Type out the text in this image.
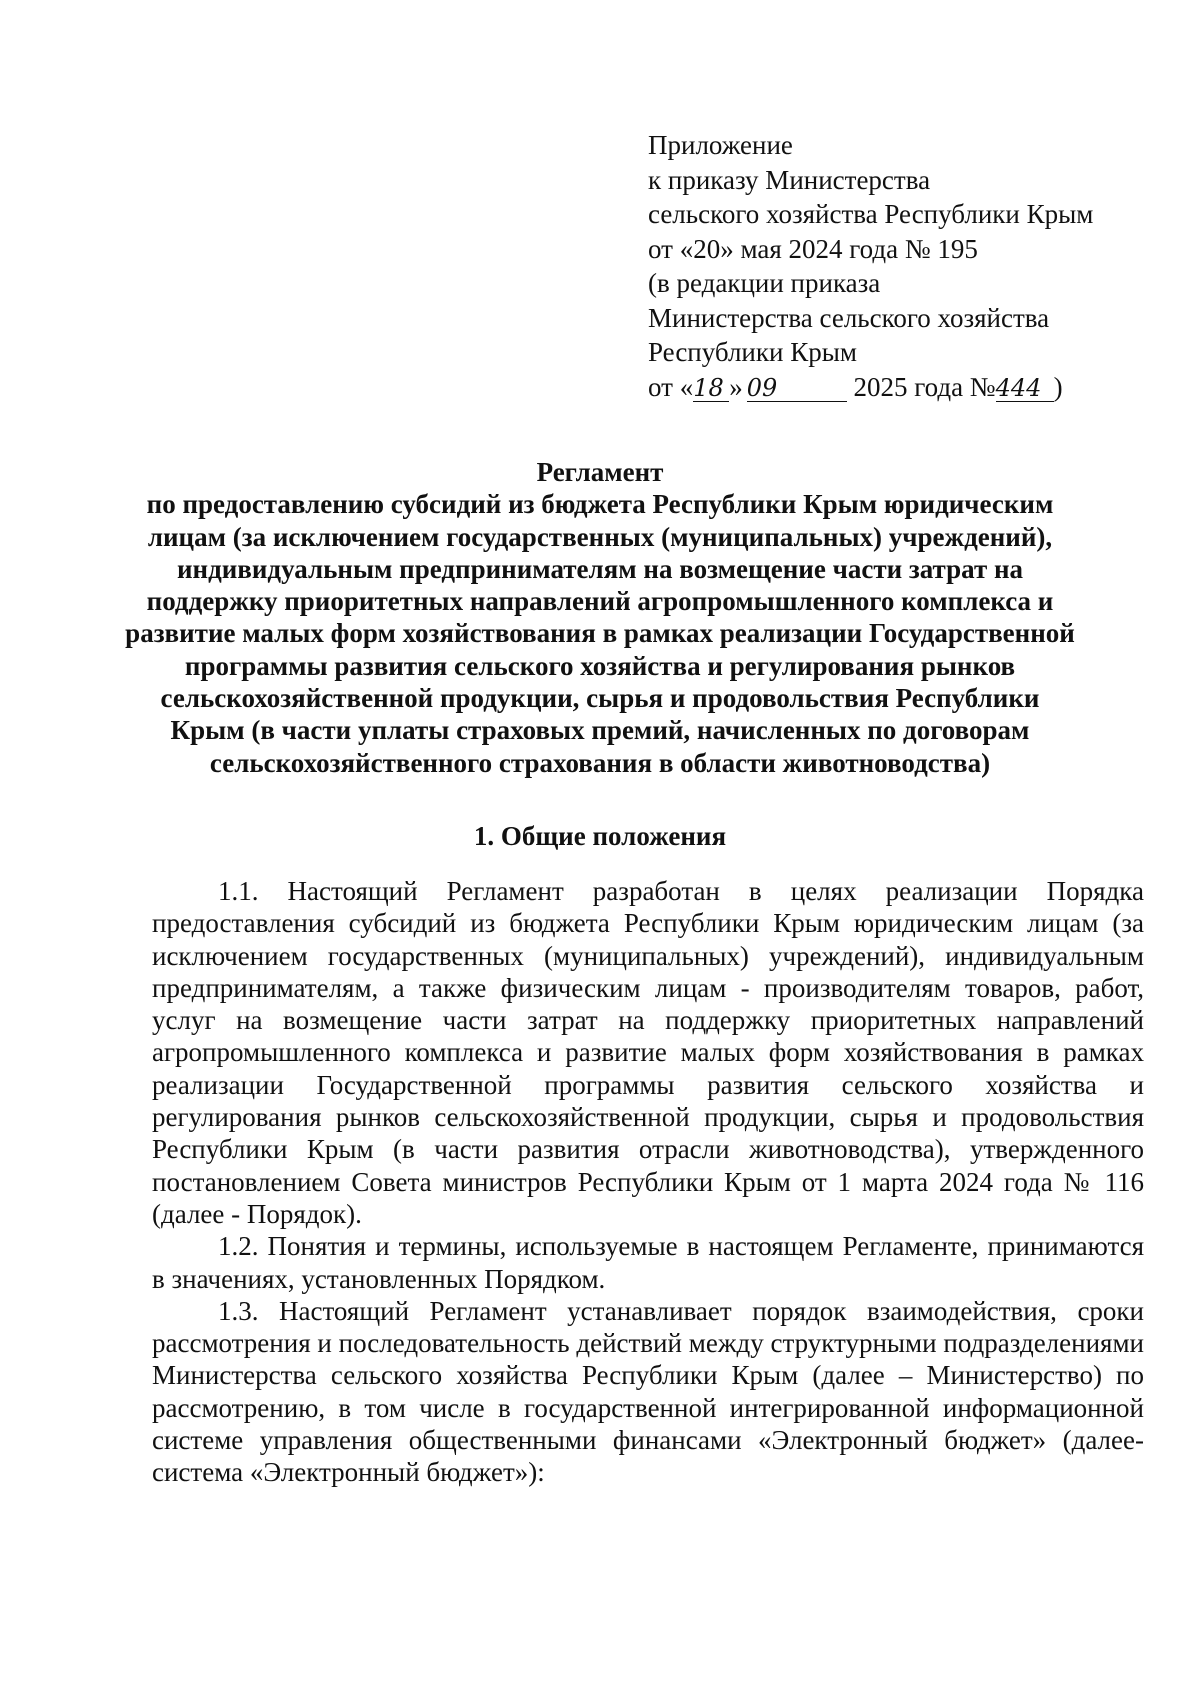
Приложение
к приказу Министерства
сельского хозяйства Республики Крым
от «20» мая 2024 года № 195
(в редакции приказа
Министерства сельского хозяйства
Республики Крым
от «18 » 09	2025 года №444 )
Регламент
по предоставлению субсидий из бюджета Республики Крым юридическим
лицам (за исключением государственных (муниципальных) учреждений),
индивидуальным предпринимателям на возмещение части затрат на
поддержку приоритетных направлений агропромышленного комплекса и
развитие малых форм хозяйствования в рамках реализации Государственной
программы развития сельского хозяйства и регулирования рынков
сельскохозяйственной продукции, сырья и продовольствия Республики
Крым (в части уплаты страховых премий, начисленных по договорам
сельскохозяйственного страхования в области животноводства)
1. Общие положения

1.1. Настоящий Регламент разработан в целях реализации Порядка предоставления субсидий из бюджета Республики Крым юридическим лицам (за исключением государственных (муниципальных) учреждений), индивидуальным предпринимателям, а также физическим лицам - производителям товаров, работ, услуг на возмещение части затрат на поддержку приоритетных направлений агропромышленного комплекса и развитие малых форм хозяйствования в рамках реализации Государственной программы развития сельского хозяйства и регулирования рынков сельскохозяйственной продукции, сырья и продовольствия Республики Крым (в части развития отрасли животноводства), утвержденного постановлением Совета министров Республики Крым от 1 марта 2024 года № 116 (далее - Порядок).

1.2. Понятия и термины, используемые в настоящем Регламенте, принимаются в значениях, установленных Порядком.

1.3. Настоящий Регламент устанавливает порядок взаимодействия, сроки рассмотрения и последовательность действий между структурными подразделениями Министерства сельского хозяйства Республики Крым (далее – Министерство) по рассмотрению, в том числе в государственной интегрированной информационной системе управления общественными финансами «Электронный бюджет» (далее- система «Электронный бюджет»):
